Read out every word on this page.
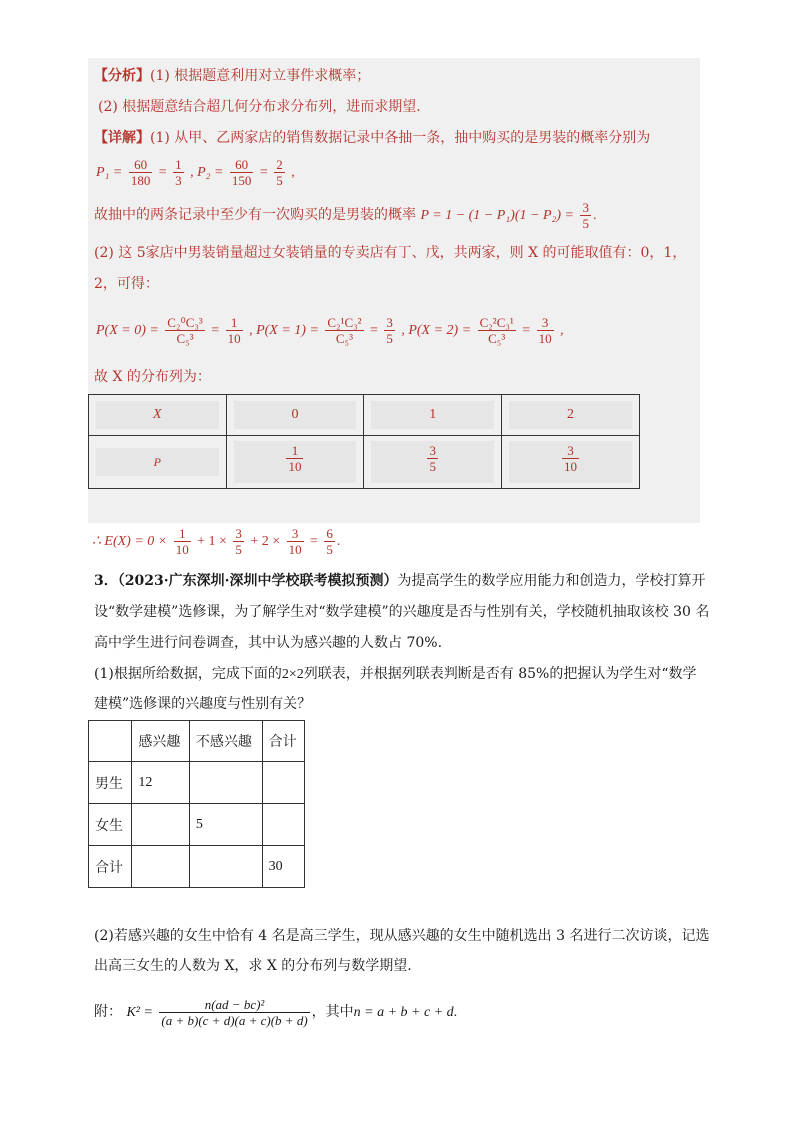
【分析】(1) 根据题意利用对立事件求概率；
(2) 根据题意结合超几何分布求分布列，进而求期望.
【详解】(1) 从甲、乙两家店的销售数据记录中各抽一条，抽中购买的是男装的概率分别为
$P_1 = \frac{60}{180} = \frac{1}{3}$ , $P_2 = \frac{60}{150} = \frac{2}{5}$ ,
故抽中的两条记录中至少有一次购买的是男装的概率 $P = 1 - (1 - P_1)(1 - P_2) = \frac{3}{5}$ .
(2) 这 5家店中男装销量超过女装销量的专卖店有丁、戊，共两家，则 X 的可能取值有：0，1，
2，可得：
$P(X = 0) = \frac{\text{C₂⁰C₃³}}{\text{C₅³}} = \frac{1}{10}$ , $P(X = 1) = \frac{\text{C₂¹C₃²}}{\text{C₅³}} = \frac{3}{5}$ , $P(X = 2) = \frac{\text{C₂²C₃¹}}{\text{C₅³}} = \frac{3}{10}$ ,
故 X 的分布列为：
X	0	1	2

P	$\frac{1}{10}$	$\frac{3}{5}$	$\frac{3}{10}$
∴ $E(X) = 0 \times \frac{1}{10} + 1 \times \frac{3}{5} + 2 \times \frac{3}{10} = \frac{6}{5}$ .
3．（2023·广东深圳·深圳中学校联考模拟预测）为提高学生的数学应用能力和创造力，学校打算开
设“数学建模”选修课，为了解学生对“数学建模”的兴趣度是否与性别有关，学校随机抽取该校 30 名
高中学生进行问卷调查，其中认为感兴趣的人数占 70%.
(1)根据所给数据，完成下面的2×2列联表，并根据列联表判断是否有 85%的把握认为学生对“数学
建模”选修课的兴趣度与性别有关？
	感兴趣	不感兴趣	合计
男生	12		
女生		5	
合计			30
(2)若感兴趣的女生中恰有 4 名是高三学生，现从感兴趣的女生中随机选出 3 名进行二次访谈，记选
出高三女生的人数为 X，求 X 的分布列与数学期望.
附： $K^2 = \frac{\text{n(ad − bc)²}}{(a + b)(c + d)(a + c)(b + d)}$ ，其中n = a + b + c + d.
